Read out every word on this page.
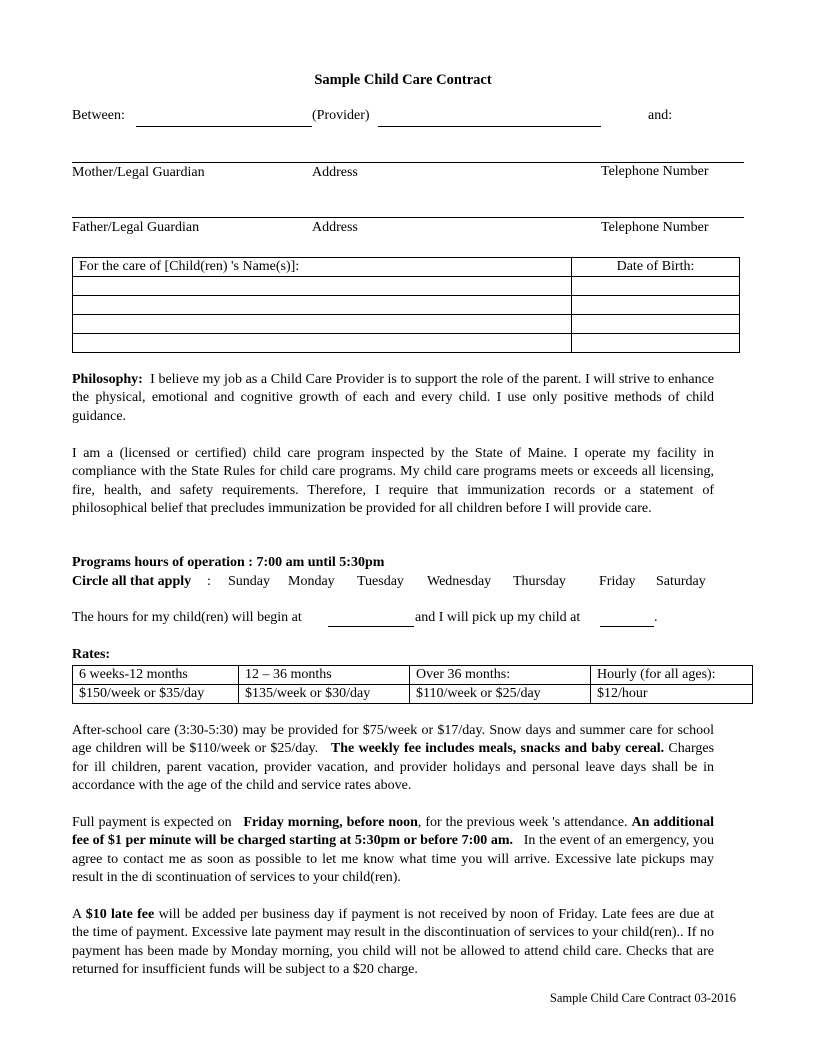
Sample Child Care Contract
Between:	(Provider)	and:
Mother/Legal Guardian	Address	Telephone Number
Father/Legal Guardian	Address	Telephone Number
For the care of [Child(ren) 's Name(s)]:	Date of Birth:

Philosophy: I believe my job as a Child Care Provider is to support the role of the parent. I will strive to enhance the physical, emotional and cognitive growth of each and every child. I use only positive methods of child guidance.
I am a (licensed or certified) child care program inspected by the State of Maine. I operate my facility in compliance with the State Rules for child care programs. My child care programs meets or exceeds all licensing, fire, health, and safety requirements. Therefore, I require that immunization records or a statement of philosophical belief that precludes immunization be provided for all children before I will provide care.
Programs hours of operation : 7:00 am until 5:30pm
Circle all that apply : Sunday Monday Tuesday Wednesday Thursday Friday Saturday
The hours for my child(ren) will begin at	and I will pick up my child at	.
Rates:
6 weeks-12 months	12 – 36 months	Over 36 months:	Hourly (for all ages):
$150/week or $35/day	$135/week or $30/day	$110/week or $25/day	$12/hour
After-school care (3:30-5:30) may be provided for $75/week or $17/day. Snow days and summer care for school age children will be $110/week or $25/day. The weekly fee includes meals, snacks and baby cereal. Charges for ill children, parent vacation, provider vacation, and provider holidays and personal leave days shall be in accordance with the age of the child and service rates above.
Full payment is expected on Friday morning, before noon, for the previous week 's attendance. An additional fee of $1 per minute will be charged starting at 5:30pm or before 7:00 am. In the event of an emergency, you agree to contact me as soon as possible to let me know what time you will arrive. Excessive late pickups may result in the di scontinuation of services to your child(ren).
A $10 late fee will be added per business day if payment is not received by noon of Friday. Late fees are due at the time of payment. Excessive late payment may result in the discontinuation of services to your child(ren).. If no payment has been made by Monday morning, you child will not be allowed to attend child care. Checks that are returned for insufficient funds will be subject to a $20 charge.
Sample Child Care Contract 03-2016
